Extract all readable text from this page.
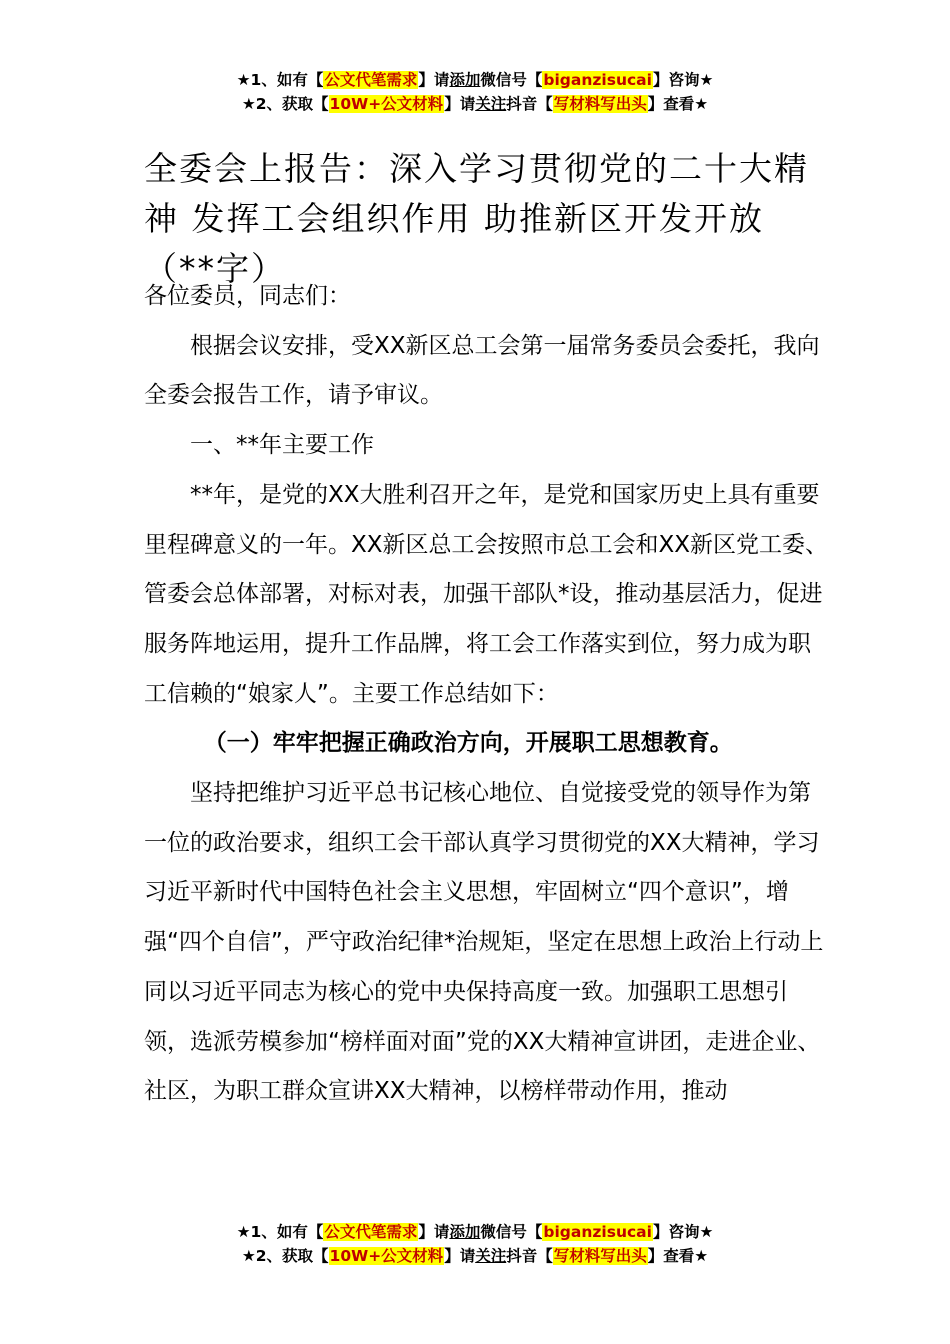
★1、如有【公文代笔需求】请添加微信号【biganzisucai】咨询★
★2、获取【10W+公文材料】请关注抖音【写材料写出头】查看★
全委会上报告：深入学习贯彻党的二十大精神 发挥工会组织作用 助推新区开发开放（**字）

各位委员，同志们：

根据会议安排，受XX新区总工会第一届常务委员会委托，我向全委会报告工作，请予审议。

一、**年主要工作

**年，是党的XX大胜利召开之年，是党和国家历史上具有重要里程碑意义的一年。XX新区总工会按照市总工会和XX新区党工委、管委会总体部署，对标对表，加强干部队*设，推动基层活力，促进服务阵地运用，提升工作品牌，将工会工作落实到位，努力成为职工信赖的“娘家人”。主要工作总结如下：

（一）牢牢把握正确政治方向，开展职工思想教育。

坚持把维护习近平总书记核心地位、自觉接受党的领导作为第一位的政治要求，组织工会干部认真学习贯彻党的XX大精神，学习习近平新时代中国特色社会主义思想，牢固树立“四个意识”，增强“四个自信”，严守政治纪律*治规矩，坚定在思想上政治上行动上同以习近平同志为核心的党中央保持高度一致。加强职工思想引领，选派劳模参加“榜样面对面”党的XX大精神宣讲团，走进企业、社区，为职工群众宣讲XX大精神，以榜样带动作用，推动

★1、如有【公文代笔需求】请添加微信号【biganzisucai】咨询★
★2、获取【10W+公文材料】请关注抖音【写材料写出头】查看★
